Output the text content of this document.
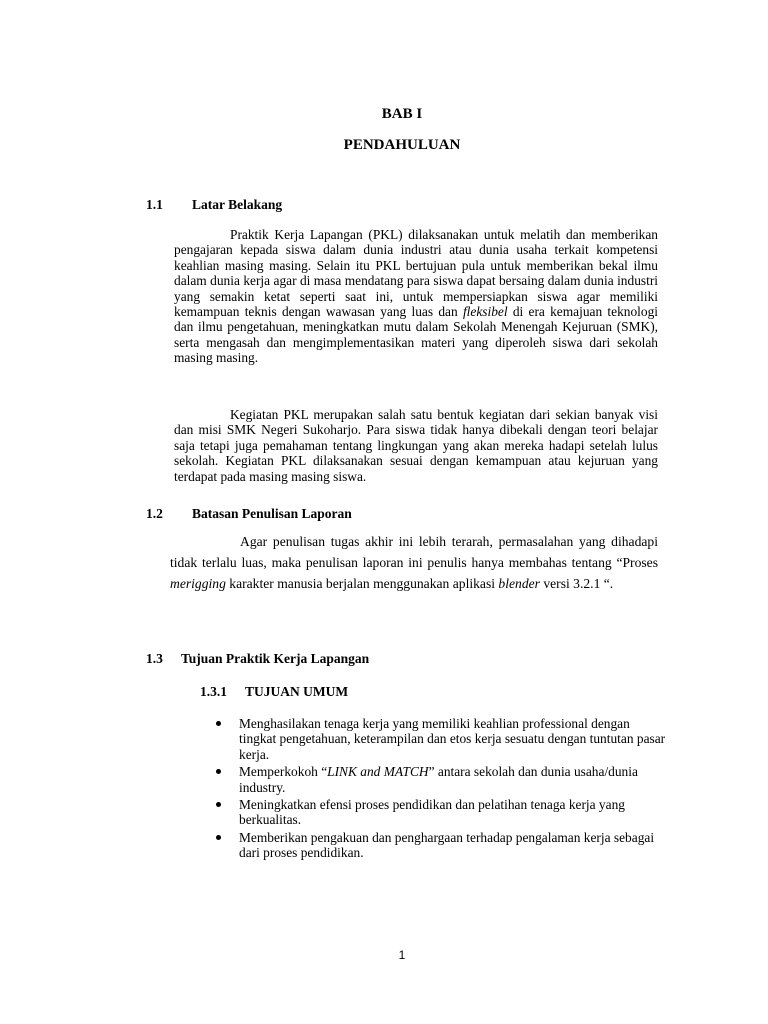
BAB I
PENDAHULUAN
1.1 Latar Belakang

Praktik Kerja Lapangan (PKL) dilaksanakan untuk melatih dan memberikan pengajaran kepada siswa dalam dunia industri atau dunia usaha terkait kompetensi keahlian masing masing. Selain itu PKL bertujuan pula untuk memberikan bekal ilmu dalam dunia kerja agar di masa mendatang para siswa dapat bersaing dalam dunia industri yang semakin ketat seperti saat ini, untuk mempersiapkan siswa agar memiliki kemampuan teknis dengan wawasan yang luas dan fleksibel di era kemajuan teknologi dan ilmu pengetahuan, meningkatkan mutu dalam Sekolah Menengah Kejuruan (SMK), serta mengasah dan mengimplementasikan materi yang diperoleh siswa dari sekolah masing masing.

Kegiatan PKL merupakan salah satu bentuk kegiatan dari sekian banyak visi dan misi SMK Negeri Sukoharjo. Para siswa tidak hanya dibekali dengan teori belajar saja tetapi juga pemahaman tentang lingkungan yang akan mereka hadapi setelah lulus sekolah. Kegiatan PKL dilaksanakan sesuai dengan kemampuan atau kejuruan yang terdapat pada masing masing siswa.

1.2 Batasan Penulisan Laporan

Agar penulisan tugas akhir ini lebih terarah, permasalahan yang dihadapi tidak terlalu luas, maka penulisan laporan ini penulis hanya membahas tentang “Proses merigging karakter manusia berjalan menggunakan aplikasi blender versi 3.2.1 “.

1.3 Tujuan Praktik Kerja Lapangan
1.3.1 TUJUAN UMUM
Menghasilakan tenaga kerja yang memiliki keahlian professional dengan tingkat pengetahuan, keterampilan dan etos kerja sesuatu dengan tuntutan pasar kerja.
Memperkokoh “LINK and MATCH” antara sekolah dan dunia usaha/dunia industry.
Meningkatkan efensi proses pendidikan dan pelatihan tenaga kerja yang berkualitas.
Memberikan pengakuan dan penghargaan terhadap pengalaman kerja sebagai dari proses pendidikan.
1
